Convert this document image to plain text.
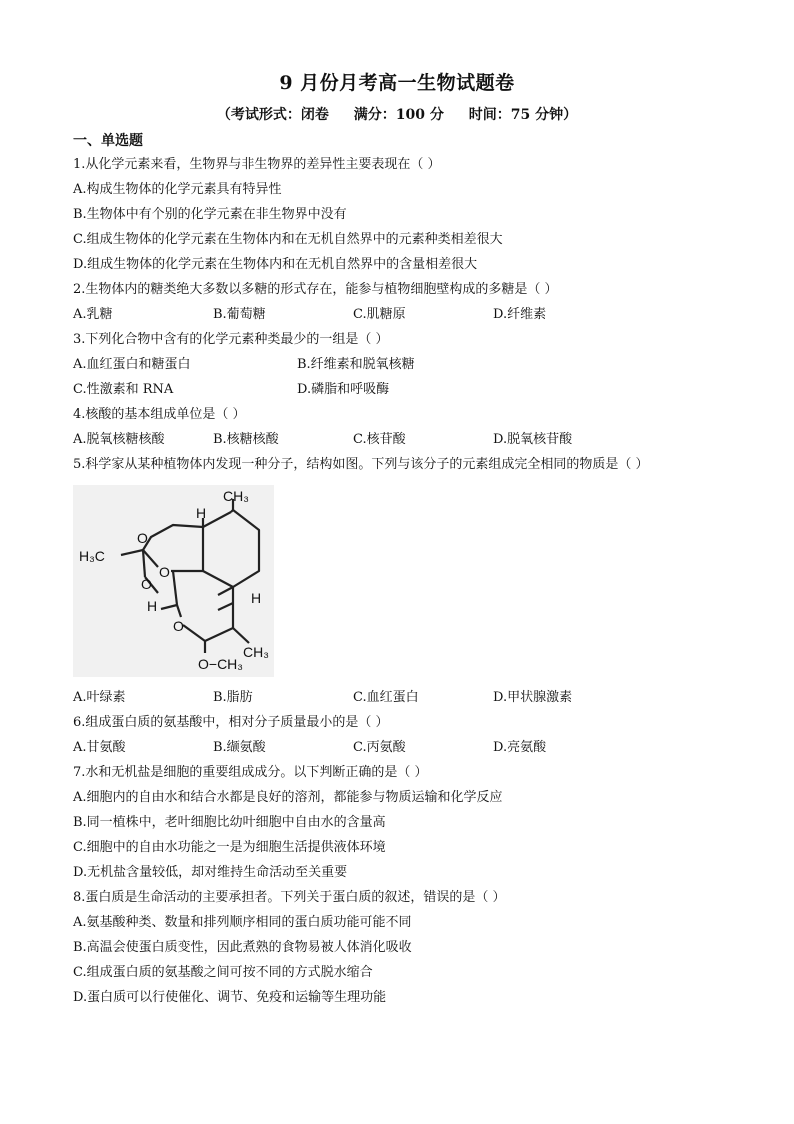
9 月份月考高一生物试题卷
（考试形式：闭卷 满分：100 分 时间：75 分钟）
一、单选题
1.从化学元素来看，生物界与非生物界的差异性主要表现在（ ）
A.构成生物体的化学元素具有特异性
B.生物体中有个别的化学元素在非生物界中没有
C.组成生物体的化学元素在生物体内和在无机自然界中的元素种类相差很大
D.组成生物体的化学元素在生物体内和在无机自然界中的含量相差很大
2.生物体内的糖类绝大多数以多糖的形式存在，能参与植物细胞壁构成的多糖是（ ）
A.乳糖	B.葡萄糖	C.肌糖原	D.纤维素
3.下列化合物中含有的化学元素种类最少的一组是（ ）
A.血红蛋白和糖蛋白	B.纤维素和脱氧核糖
C.性激素和 RNA	D.磷脂和呼吸酶
4.核酸的基本组成单位是（ ）
A.脱氧核糖核酸	B.核糖核酸	C.核苷酸	D.脱氧核苷酸
5.科学家从某种植物体内发现一种分子，结构如图。下列与该分子的元素组成完全相同的物质是（ ）
CH₃
H
H₃C
O
O
O
H	H
O
CH₃
O−CH₃
A.叶绿素	B.脂肪	C.血红蛋白	D.甲状腺激素
6.组成蛋白质的氨基酸中，相对分子质量最小的是（ ）
A.甘氨酸	B.缬氨酸	C.丙氨酸	D.亮氨酸
7.水和无机盐是细胞的重要组成成分。以下判断正确的是（ ）
A.细胞内的自由水和结合水都是良好的溶剂，都能参与物质运输和化学反应
B.同一植株中，老叶细胞比幼叶细胞中自由水的含量高
C.细胞中的自由水功能之一是为细胞生活提供液体环境
D.无机盐含量较低，却对维持生命活动至关重要
8.蛋白质是生命活动的主要承担者。下列关于蛋白质的叙述，错误的是（ ）
A.氨基酸种类、数量和排列顺序相同的蛋白质功能可能不同
B.高温会使蛋白质变性，因此煮熟的食物易被人体消化吸收
C.组成蛋白质的氨基酸之间可按不同的方式脱水缩合
D.蛋白质可以行使催化、调节、免疫和运输等生理功能
